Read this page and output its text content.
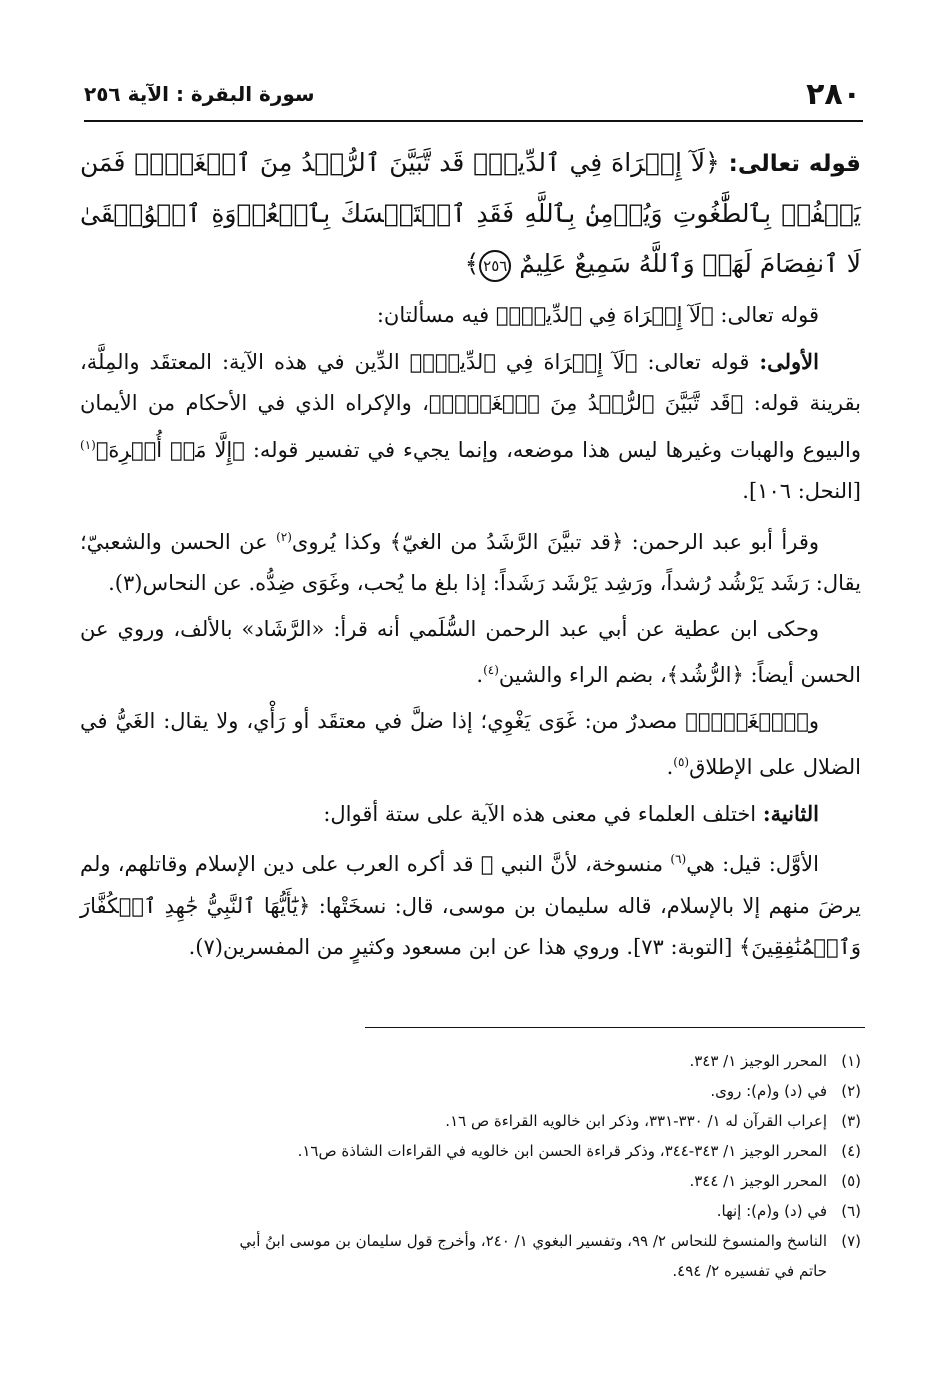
٢٨٠
سورة البقرة : الآية ٢٥٦
قوله تعالى: ﴿لَآ إِكۡرَاهَ فِي ٱلدِّينِۖ قَد تَّبَيَّنَ ٱلرُّشۡدُ مِنَ ٱلۡغَيِّۚ فَمَن يَكۡفُرۡ بِٱلطَّٰغُوتِ وَيُؤۡمِنۢ بِٱللَّهِ فَقَدِ ٱسۡتَمۡسَكَ بِٱلۡعُرۡوَةِ ٱلۡوُثۡقَىٰ لَا ٱنفِصَامَ لَهَاۗ وَٱللَّهُ سَمِيعٌ عَلِيمٌ ٢٥٦﴾

قوله تعالى: ﴿لَآ إِكۡرَاهَ فِي ٱلدِّينِۖ﴾ فيه مسألتان:

الأولى: قوله تعالى: ﴿لَآ إِكۡرَاهَ فِي ٱلدِّينِۖ﴾ الدِّين في هذه الآية: المعتقَد والمِلَّة، بقرينة قوله: ﴿قَد تَّبَيَّنَ ٱلرُّشۡدُ مِنَ ٱلۡغَيِّۚ﴾، والإكراه الذي في الأحكام من الأيمان والبيوع والهبات وغيرها ليس هذا موضعه، وإنما يجيء في تفسير قوله: ﴿إِلَّا مَنۡ أُكۡرِهَ﴾$^{(١)}$ [النحل: ١٠٦].

وقرأ أبو عبد الرحمن: ﴿قد تبيَّنَ الرَّشَدُ من الغيّ﴾ وكذا يُروى$^{(٢)}$ عن الحسن والشعبيّ؛ يقال: رَشَد يَرْشُد رُشداً، ورَشِد يَرْشَد رَشَداً: إذا بلغ ما يُحب، وغَوَى ضِدُّه. عن النحاس(٣).

وحكى ابن عطية عن أبي عبد الرحمن السُّلَمي أنه قرأ: «الرَّشَاد» بالألف، وروي عن الحسن أيضاً: ﴿الرُّشُد﴾، بضم الراء والشين$^{(٤)}$.

و﴿ٱلۡغَيِّۚ﴾ مصدرٌ من: غَوَى يَغْوِي؛ إذا ضلَّ في معتقَد أو رَأْي، ولا يقال: الغَيُّ في الضلال على الإطلاق$^{(٥)}$.

الثانية: اختلف العلماء في معنى هذه الآية على ستة أقوال:

الأوَّل: قيل: هي$^{(٦)}$ منسوخة، لأنَّ النبي ﷺ قد أكره العرب على دين الإسلام وقاتلهم، ولم يرضَ منهم إلا بالإسلام، قاله سليمان بن موسى، قال: نسخَتْها: ﴿يَٰٓأَيُّهَا ٱلنَّبِيُّ جَٰهِدِ ٱلۡكُفَّارَ وَٱلۡمُنَٰفِقِينَ﴾ [التوبة: ٧٣]. وروي هذا عن ابن مسعود وكثيرٍ من المفسرين(٧).

(١)المحرر الوجيز ١/ ٣٤٣.

(٢)في (د) و(م): روى.

(٣)إعراب القرآن له ١/ ٣٣٠-٣٣١، وذكر ابن خالويه القراءة ص ١٦.

(٤)المحرر الوجيز ١/ ٣٤٣-٣٤٤، وذكر قراءة الحسن ابن خالويه في القراءات الشاذة ص١٦.

(٥)المحرر الوجيز ١/ ٣٤٤.

(٦)في (د) و(م): إنها.

(٧)الناسخ والمنسوخ للنحاس ٢/ ٩٩، وتفسير البغوي ١/ ٢٤٠، وأخرج قول سليمان بن موسى ابنُ أبي

حاتم في تفسيره ٢/ ٤٩٤.
